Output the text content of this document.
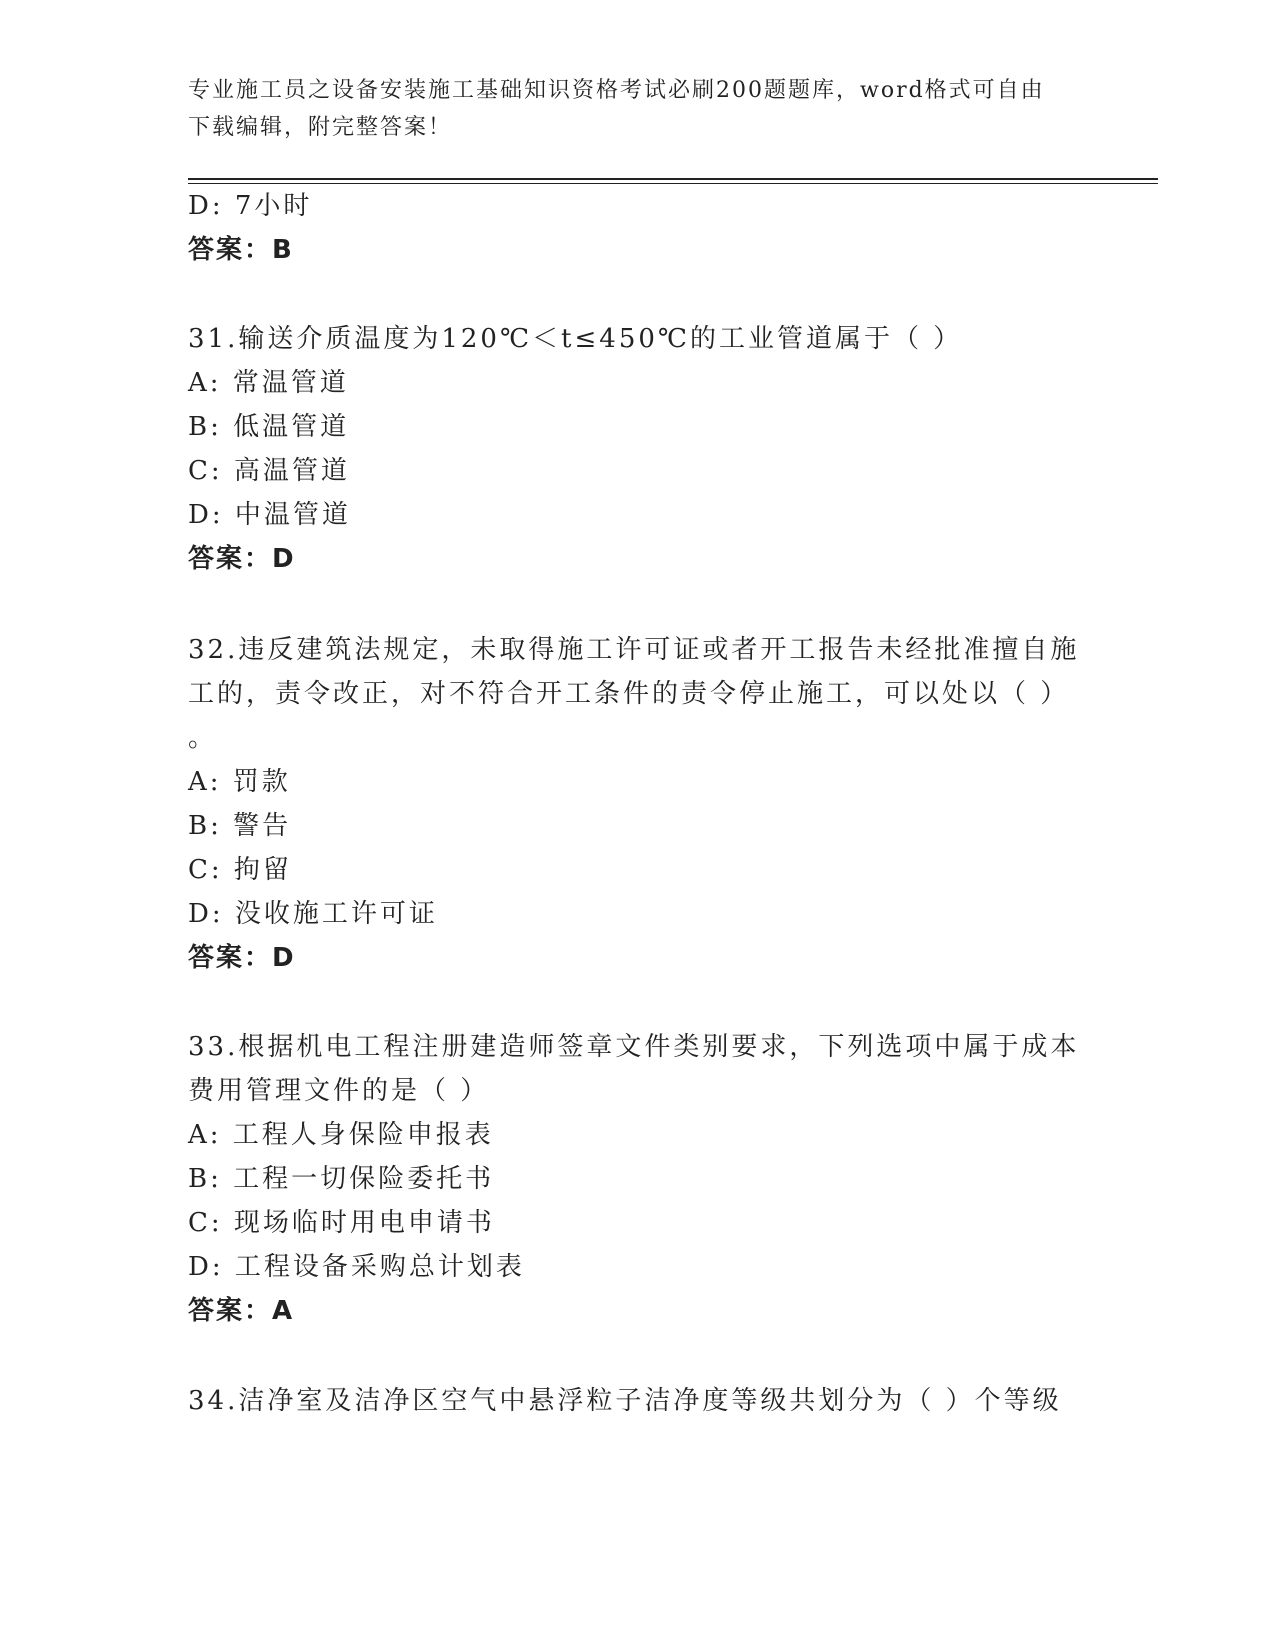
专业施工员之设备安装施工基础知识资格考试必刷200题题库，word格式可自由
下载编辑，附完整答案！
D: 7小时
答案：B
31.输送介质温度为120℃＜t≤450℃的工业管道属于（ ）
A: 常温管道
B: 低温管道
C: 高温管道
D: 中温管道
答案：D
32.违反建筑法规定，未取得施工许可证或者开工报告未经批准擅自施
工的，责令改正，对不符合开工条件的责令停止施工，可以处以（ ）
。
A: 罚款
B: 警告
C: 拘留
D: 没收施工许可证
答案：D
33.根据机电工程注册建造师签章文件类别要求，下列选项中属于成本
费用管理文件的是（ ）
A: 工程人身保险申报表
B: 工程一切保险委托书
C: 现场临时用电申请书
D: 工程设备采购总计划表
答案：A
34.洁净室及洁净区空气中悬浮粒子洁净度等级共划分为（ ）个等级
